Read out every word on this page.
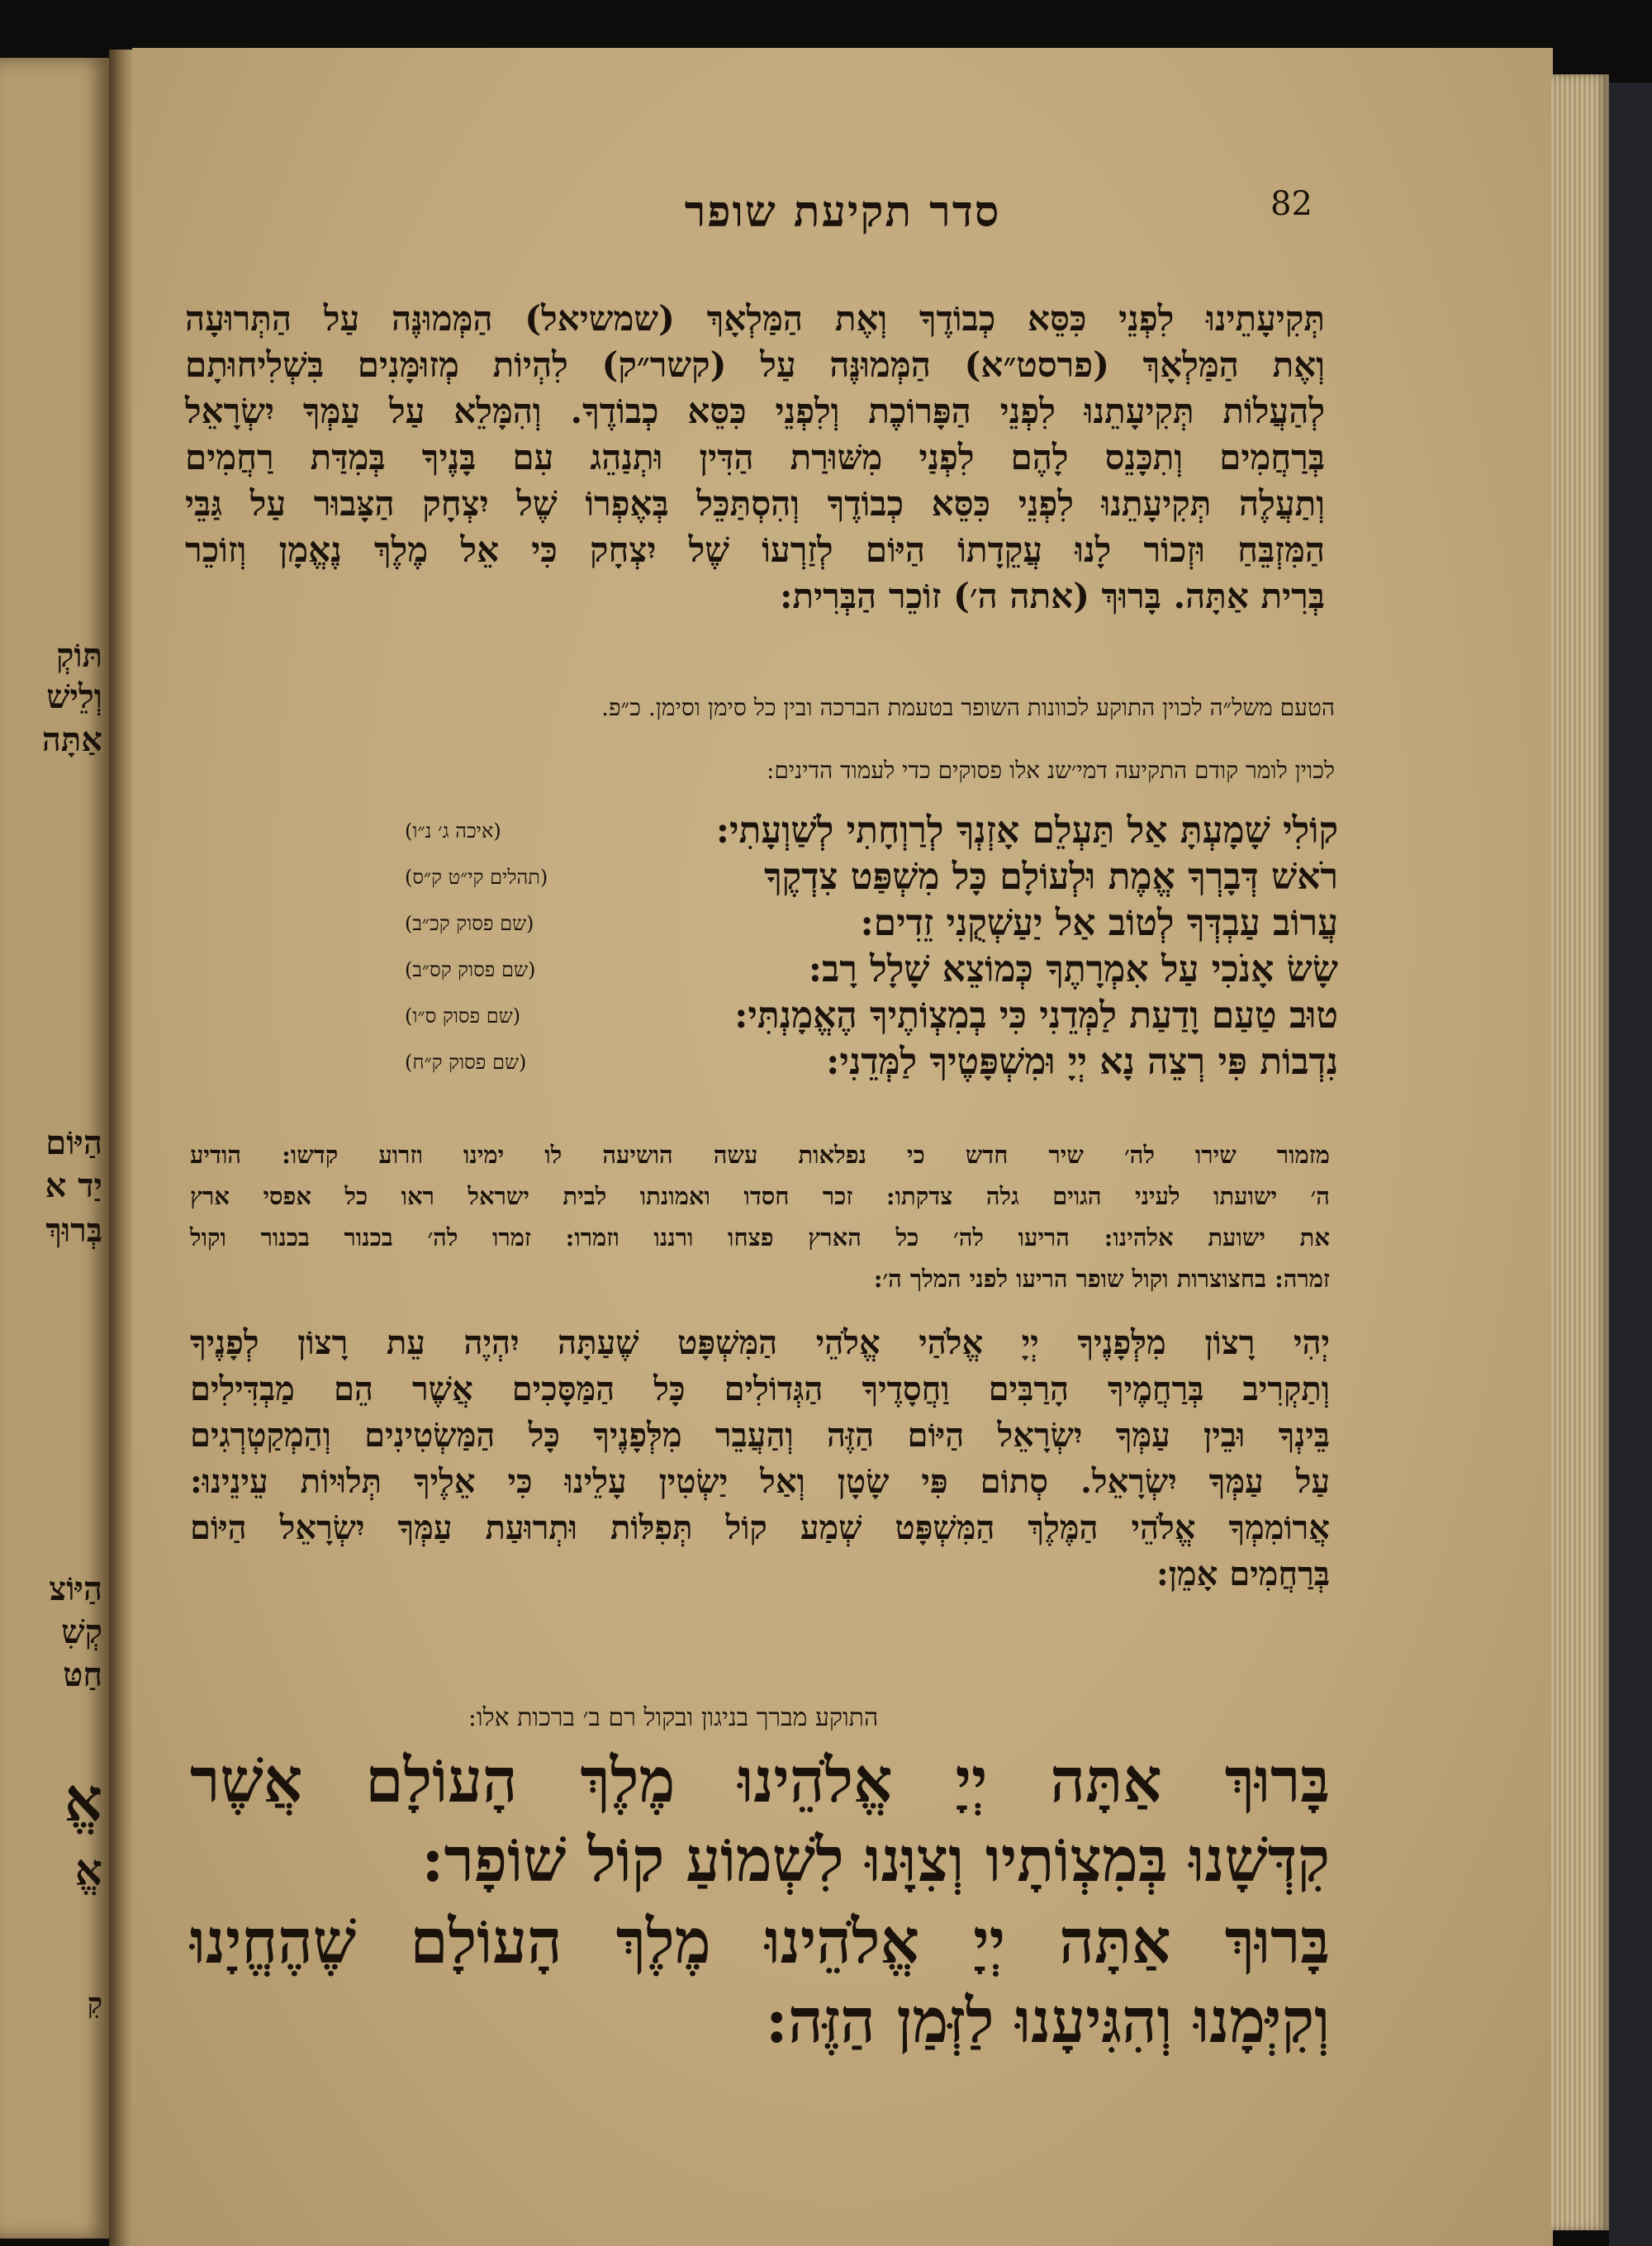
תּוֹקְ
וְלֵישׁ
אַתָּה
הַיּוֹם
יַד א
בְּרוּךְ
הַיּוֹצ
קְשִׁ
חַטּ
אֱ
אֱ
קִ
82
סדר תקיעת שופר
תְּקִיעָתֵינוּ לִפְנֵי כִּסֵּא כְבוֹדֶךָ וְאֶת הַמַּלְאָךְ (שמשיאל) הַמְּמוּנֶּה עַל הַתְּרוּעָה
וְאֶת הַמַּלְאָךְ (פרסט״א) הַמְּמוּנֶּה עַל (קשר״ק) לִהְיוֹת מְזוּמָּנִים בִּשְׁלִיחוּתָם
לְהַעֲלוֹת תְּקִיעָתֵנוּ לִפְנֵי הַפָּרוֹכֶת וְלִפְנֵי כִּסֵּא כְבוֹדֶךָ. וְהִמָּלֵא עַל עַמְּךָ יִשְׂרָאֵל
בְּרַחֲמִים וְתִכָּנֵס לָהֶם לִפְנַי מִשּׁוּרַת הַדִּין וּתְנַהֵג עִם בָּנֶיךָ בְּמִדַּת רַחֲמִים
וְתַעֲלֶה תְּקִיעָתֵנוּ לִפְנֵי כִּסֵּא כְבוֹדֶךָ וְהִסְתַּכֵּל בְּאֶפְרוֹ שֶׁל יִצְחָק הַצָּבוּר עַל גַּבֵּי
הַמִּזְבֵּחַ וּזְכוֹר לָנוּ עֲקֵדָתוֹ הַיּוֹם לְזַרְעוֹ שֶׁל יִצְחָק כִּי אֵל מֶלֶךְ נֶאֱמָן וְזוֹכֵר
בְּרִית אַתָּה. בָּרוּךְ (אתה ה׳) זוֹכֵר הַבְּרִית:
הטעם משל״ה לכוין התוקע לכוונות השופר בטעמת הברכה ובין כל סימן וסימן. כ״פ.
לכוין לומר קודם התקיעה דמי׳שנ אלו פסוקים כדי לעמוד הדינים:
קוֹלִי שָׁמָעְתָּ אַל תַּעְלֵם אָזְנְךָ לְרַוְחָתִי לְשַׁוְעָתִי:
(איכה ג׳ נ״ו)
רֹאשׁ דְּבָרְךָ אֱמֶת וּלְעוֹלָם כָּל מִשְׁפַּט צִדְקֶךָ
(תהלים קי״ט ק״ס)
עֲרוֹב עַבְדְּךָ לְטוֹב אַל יַעַשְׁקֻנִי זֵדִים:
(שם פסוק קכ״ב)
שָׂשׂ אָנֹכִי עַל אִמְרָתֶךָ כְּמוֹצֵא שָׁלָל רָב:
(שם פסוק קס״ב)
טוּב טַעַם וָדַעַת לַמְּדֵנִי כִּי בְמִצְוֹתֶיךָ הֶאֱמָנְתִּי:
(שם פסוק ס״ו)
נִדְבוֹת פִּי רְצֵה נָא יְיָ וּמִשְׁפָּטֶיךָ לַמְּדֵנִי:
(שם פסוק ק״ח)
מזמור שירו לה׳ שיר חדש כי נפלאות עשה הושיעה לו ימינו וזרוע קדשו: הודיע
ה׳ ישועתו לעיני הגוים גלה צדקתו: זכר חסדו ואמונתו לבית ישראל ראו כל אפסי ארץ
את ישועת אלהינו: הריעו לה׳ כל הארץ פצחו ורננו וזמרו: זמרו לה׳ בכנור בכנור וקול
זמרה: בחצוצרות וקול שופר הריעו לפני המלך ה׳:
יְהִי רָצוֹן מִלְּפָנֶיךָ יְיָ אֱלֹהַי אֱלֹהֵי הַמִּשְׁפָּט שֶׁעַתָּה יִהְיֶה עֵת רָצוֹן לְפָנֶיךָ
וְתַקְרִיב בְּרַחֲמֶיךָ הָרַבִּים וַחֲסָדֶיךָ הַגְּדוֹלִים כָּל הַמַּסָּכִים אֲשֶׁר הֵם מַבְדִּילִים
בֵּינְךָ וּבֵין עַמְּךָ יִשְׂרָאֵל הַיּוֹם הַזֶּה וְהַעֲבֵר מִלְּפָנֶיךָ כָּל הַמַּשְׂטִינִים וְהַמְקַטְרְגִים
עַל עַמְּךָ יִשְׂרָאֵל. סְתוֹם פִּי שָׂטָן וְאַל יַשְׂטִין עָלֵינוּ כִּי אֵלֶיךָ תְּלוּיוֹת עֵינֵינוּ:
אֲרוֹמִמְךָ אֱלֹהֵי הַמֶּלֶךְ הַמִּשְׁפָּט שְׁמַע קוֹל תְּפִלּוֹת וּתְרוּעַת עַמְּךָ יִשְׂרָאֵל הַיּוֹם
בְּרַחֲמִים אָמֵן:
התוקע מברך בניגון ובקול רם ב׳ ברכות אלו:
בָּרוּךְ אַתָּה יְיָ אֱלֹהֵינוּ מֶלֶךְ הָעוֹלָם אֲשֶׁר
קִדְּשָׁנוּ בְּמִצְוֹתָיו וְצִוָּנוּ לִשְׁמוֹעַ קוֹל שׁוֹפָר:
בָּרוּךְ אַתָּה יְיָ אֱלֹהֵינוּ מֶלֶךְ הָעוֹלָם שֶׁהֶחֱיָנוּ
וְקִיְּמָנוּ וְהִגִּיעָנוּ לַזְּמַן הַזֶּה:
